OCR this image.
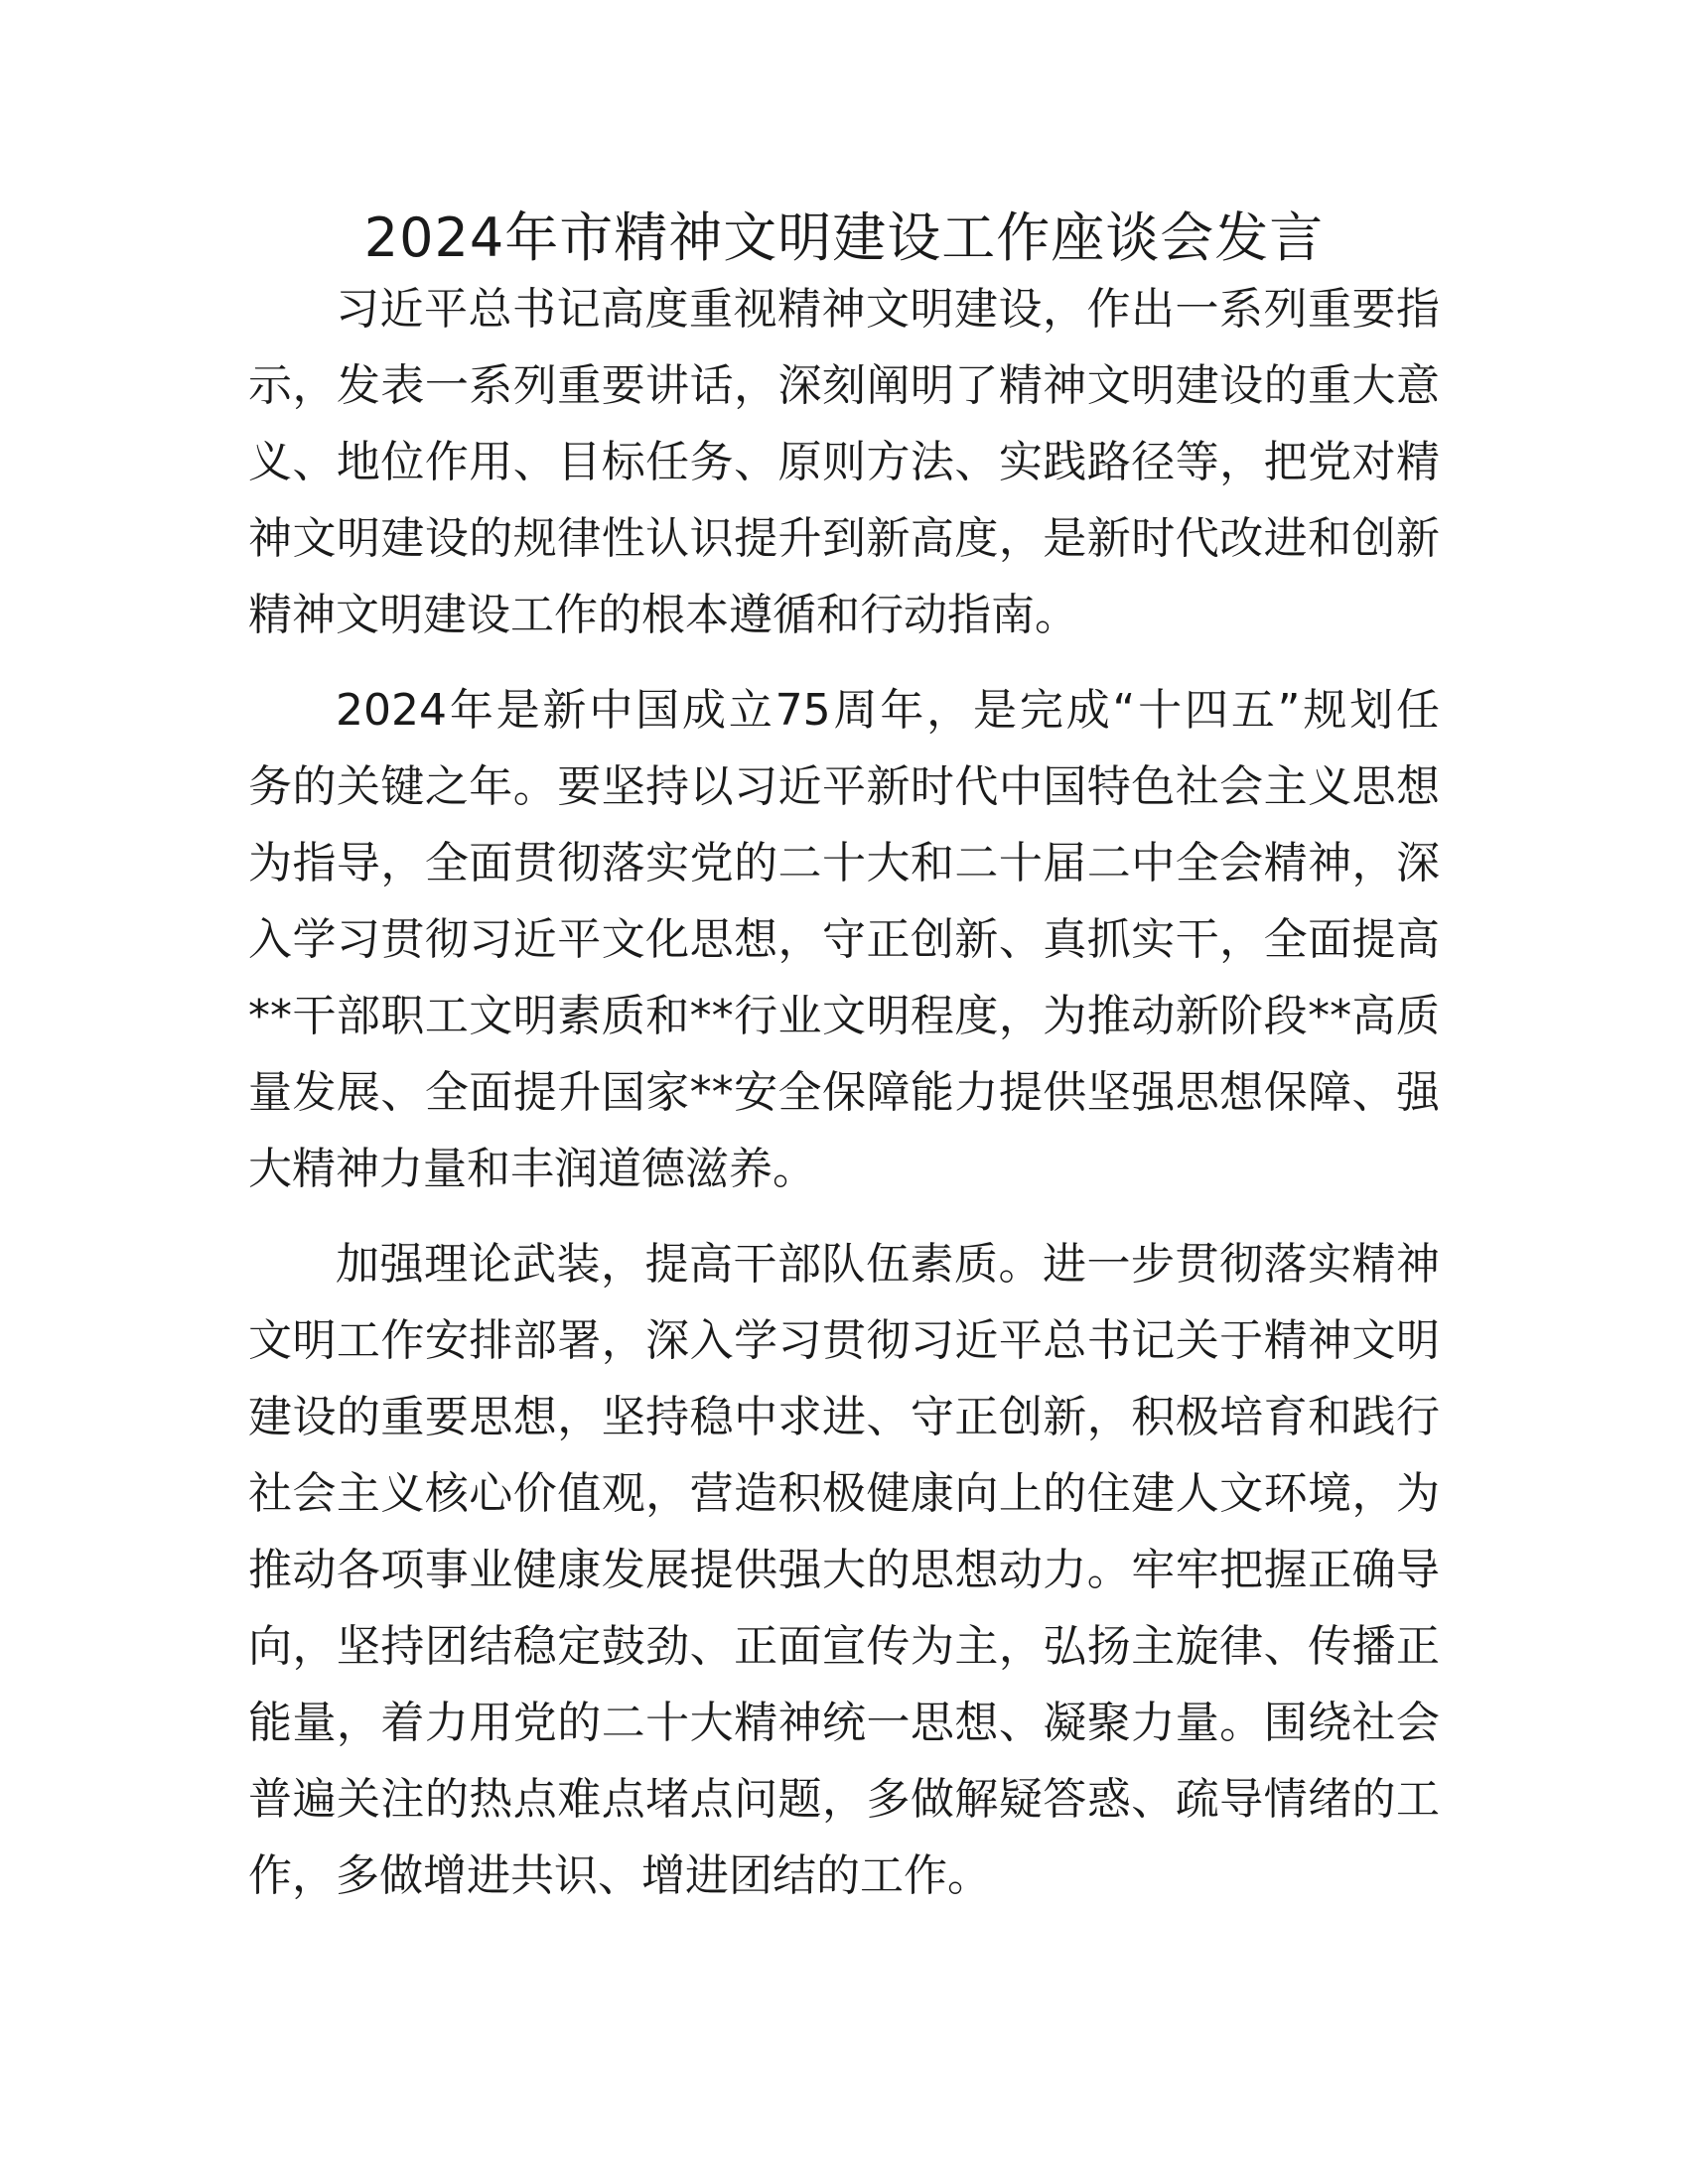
2024年市精神文明建设工作座谈会发言
习近平总书记高度重视精神文明建设，作出一系列重要指
示，发表一系列重要讲话，深刻阐明了精神文明建设的重大意
义、地位作用、目标任务、原则方法、实践路径等，把党对精
神文明建设的规律性认识提升到新高度，是新时代改进和创新
精神文明建设工作的根本遵循和行动指南。
2024年是新中国成立75周年，是完成“十四五”规划任
务的关键之年。要坚持以习近平新时代中国特色社会主义思想
为指导，全面贯彻落实党的二十大和二十届二中全会精神，深
入学习贯彻习近平文化思想，守正创新、真抓实干，全面提高
**干部职工文明素质和**行业文明程度，为推动新阶段**高质
量发展、全面提升国家**安全保障能力提供坚强思想保障、强
大精神力量和丰润道德滋养。
加强理论武装，提高干部队伍素质。进一步贯彻落实精神
文明工作安排部署，深入学习贯彻习近平总书记关于精神文明
建设的重要思想，坚持稳中求进、守正创新，积极培育和践行
社会主义核心价值观，营造积极健康向上的住建人文环境，为
推动各项事业健康发展提供强大的思想动力。牢牢把握正确导
向，坚持团结稳定鼓劲、正面宣传为主，弘扬主旋律、传播正
能量，着力用党的二十大精神统一思想、凝聚力量。围绕社会
普遍关注的热点难点堵点问题，多做解疑答惑、疏导情绪的工
作，多做增进共识、增进团结的工作。
